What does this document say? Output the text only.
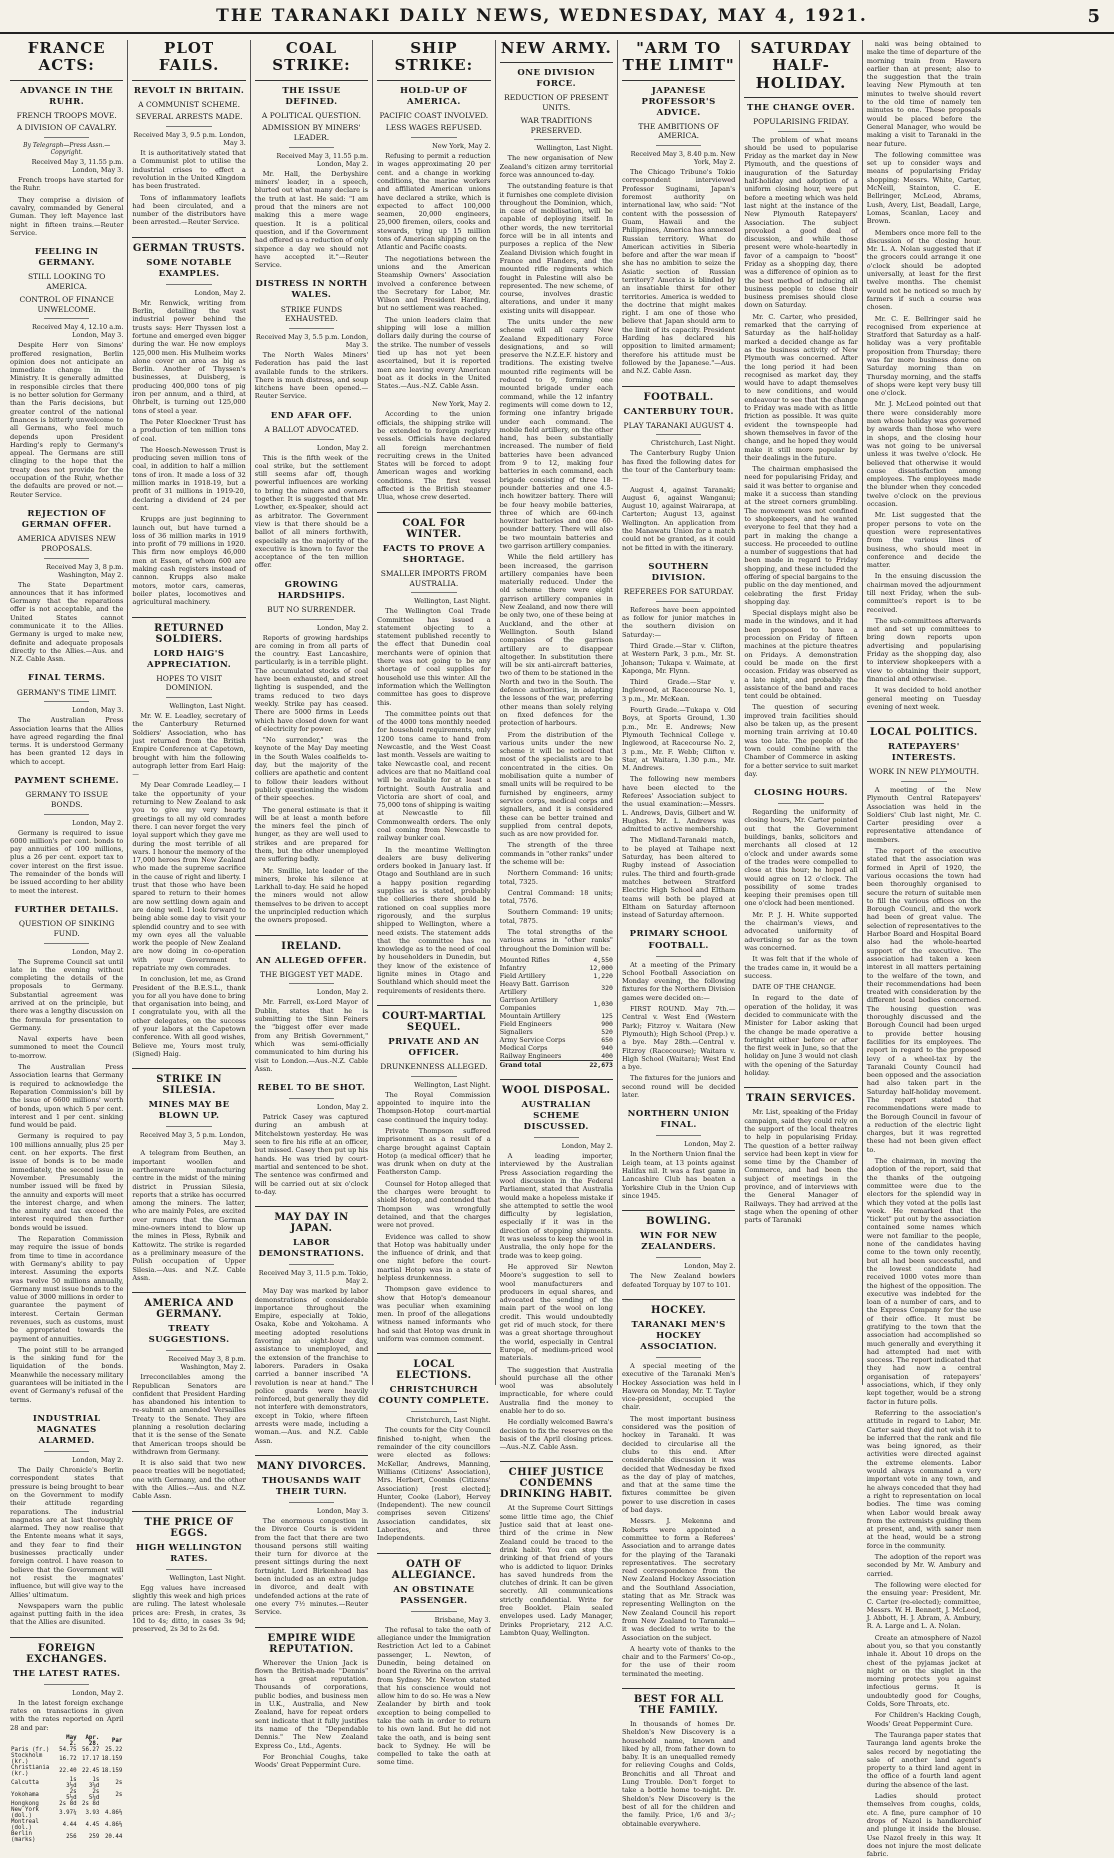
THE TARANAKI DAILY NEWS, WEDNESDAY, MAY 4, 1921.	5
FRANCE ACTS:
ADVANCE IN THE RUHR.
FRENCH TROOPS MOVE.
A DIVISION OF CAVALRY.
By Telegraph—Press Assn.—Copyright.
Received May 3, 11.55 p.m. London, May 3.

French troops have started for the Ruhr.

They comprise a division of cavalry, commanded by General Guman. They left Mayence last night in fifteen trains.—Reuter Service.

FEELING IN GERMANY.
STILL LOOKING TO AMERICA.
CONTROL OF FINANCE UNWELCOME.
Received May 4, 12.10 a.m. London, May 3.

Despite Herr von Simons' proffered resignation, Berlin opinion does not anticipate an immediate change in the Ministry. It is generally admitted in responsible circles that there is no better solution for Germany than the Paris decisions, but greater control of the national finances is bitterly unwelcome to all Germans, who feel much depends upon President Harding's reply to Germany's appeal. The Germans are still clinging to the hope that the treaty does not provide for the occupation of the Ruhr, whether the defaults are proved or not.—Reuter Service.

REJECTION OF GERMAN OFFER.
AMERICA ADVISES NEW PROPOSALS.
Received May 3, 8 p.m. Washington, May 2.

The State Department announces that it has informed Germany that the reparations offer is not acceptable, and the United States cannot communicate it to the Allies. Germany is urged to make new, definite and adequate proposals directly to the Allies.—Aus. and N.Z. Cable Assn.

FINAL TERMS.
GERMANY'S TIME LIMIT.
London, May 3.

The Australian Press Association learns that the Allies have agreed regarding the final terms. It is understood Germany has been granted 12 days in which to accept.

PAYMENT SCHEME.
GERMANY TO ISSUE BONDS.
London, May 2.

Germany is required to issue 6000 million's per cent. bonds to pay annuities of 100 millions, plus a 26 per cent. export tax to cover interest on the first issue. The remainder of the bonds will be issued according to her ability to meet the interest.

FURTHER DETAILS.
QUESTION OF SINKING FUND.
London, May 2.

The Supreme Council sat until late in the evening without completing the details of the proposals to Germany. Substantial agreement was arrived at on the principle, but there was a lengthy discussion on the formula for presentation to Germany.

Naval experts have been summoned to meet the Council to-morrow.

The Australian Press Association learns that Germany is required to acknowledge the Reparation Commission's bill by the issue of 6600 millions' worth of bonds, upon which 5 per cent. interest and 1 per cent. sinking fund would be paid.

Germany is required to pay 100 millions annually, plus 25 per cent. on her exports. The first issue of bonds is to be made immediately, the second issue in November. Presumably the number issued will be fixed by the annuity and exports will meet the interest charge, and when the annuity and tax exceed the interest required then further bonds would be issued.

The Reparation Commission may require the issue of bonds from time to time in accordance with Germany's ability to pay interest. Assuming the exports was twelve 50 millions annually, Germany must issue bonds to the value of 3000 millions in order to guarantee the payment of interest. Certain German revenues, such as customs, must be appropriated towards the payment of annuities.

The point still to be arranged is the sinking fund for the liquidation of the bonds. Meanwhile the necessary military guarantees will be initiated in the event of Germany's refusal of the terms.

INDUSTRIAL MAGNATES ALARMED.
London, May 2.

The Daily Chronicle's Berlin correspondent states that pressure is being brought to bear on the Government to modify their attitude regarding reparations. The industrial magnates are at last thoroughly alarmed. They now realise that the Entente means what it says, and they fear to find their businesses practically under foreign control. I have reason to believe that the Government will not resist the magnates' influence, but will give way to the Allies' ultimatum.

Newspapers warn the public against putting faith in the idea that the Allies are disunited.

FOREIGN EXCHANGES.
THE LATEST RATES.
London, May 2.

In the latest foreign exchange rates on transactions in given with the rates reported on April 28 and par:

	May 2.	Apr. 28.	Par
Paris (fr.)	54.75	56.27	25.22
Stockholm (kr.)	16.72	17.17	18.159
Christiania (kr.)	22.40	22.45	18.159
Calcutta	1s 3½d	1s 3⅝d	2s
Yokohama	2s 5½d	2s 5¼d	2s
Hongkong	2s 8d	2s 8d	
New York (dol.)	3.97¼	3.93	4.86⅔
Montreal (dol.)	4.44	4.45	4.86⅔
Berlin (marks)	256	259	20.44
PLOT FAILS.
REVOLT IN BRITAIN.
A COMMUNIST SCHEME.
SEVERAL ARRESTS MADE.
Received May 3, 9.5 p.m. London, May 3.

It is authoritatively stated that a Communist plot to utilise the industrial crises to effect a revolution in the United Kingdom has been frustrated.

Tons of inflammatory leaflets had been circulated, and a number of the distributors have been arrested.—Reuter Service.

GERMAN TRUSTS.
SOME NOTABLE EXAMPLES.
London, May 2.

Mr. Renwick, writing from Berlin, detailing the vast industrial power behind the trusts says: Herr Thyssen lost a fortune and emerged even bigger during the war. He now employs 125,000 men. His Mulheim works alone cover an area as big as Berlin. Another of Thyssen's businesses, at Duisberg, is producing 400,000 tons of pig iron per annum, and a third, at Ohrbelt, is turning out 125,000 tons of steel a year.

The Peter Kloeckner Trust has a production of ten million tons of coal.

The Hoesch-Newessen Trust is producing seven million tons of coal, in addition to half a million tons of iron. It made a loss of 32 million marks in 1918-19, but a profit of 31 millions in 1919-20, declaring a dividend of 24 per cent.

Krupps are just beginning to launch out, but have turned a loss of 36 million marks in 1919 into profit of 79 millions in 1920. This firm now employs 46,000 men at Essen, of whom 600 are making cash registers instead of cannon. Krupps also make motors, motor cars, cameras, boiler plates, locomotives and agricultural machinery.

RETURNED SOLDIERS.
LORD HAIG'S APPRECIATION.
HOPES TO VISIT DOMINION.
Wellington, Last Night.

Mr. W. E. Leadley, secretary of the Canterbury Returned Soldiers' Association, who has just returned from the British Empire Conference at Capetown, brought with him the following autograph letter from Earl Haig:—

My Dear Comrade Leadley,— I take the opportunity of your returning to New Zealand to ask you to give my very hearty greetings to all my old comrades there. I can never forget the very loyal support which they gave me during the most terrible of all wars. I honour the memory of the 17,000 heroes from New Zealand who made the supreme sacrifice in the cause of right and liberty. I trust that those who have been spared to return to their homes are now settling down again and are doing well. I look forward to being able some day to visit your splendid country and to see with my own eyes all the valuable work the people of New Zealand are now doing in co-operation with your Government to repatriate my own comrades.

In conclusion, let me, as Grand President of the B.E.S.L., thank you for all you have done to bring that organisation into being, and I congratulate you, with all the other delegates, on the success of your labors at the Capetown conference. With all good wishes, Believe me, Yours most truly, (Signed) Haig.

STRIKE IN SILESIA.
MINES MAY BE BLOWN UP.
Received May 3, 5 p.m. London, May 3.

A telegram from Beuthen, an important woollen and earthenware manufacturing centre in the midst of the mining district in Prussian Silesia, reports that a strike has occurred among the miners. The latter, who are mainly Poles, are excited over rumors that the German mine-owners intend to blow up the mines in Pless, Rybnik and Kattowitz. The strike is regarded as a preliminary measure of the Polish occupation of Upper Silesia.—Aus. and N.Z. Cable Assn.

AMERICA AND GERMANY.
TREATY SUGGESTIONS.
Received May 3, 8 p.m. Washington, May 2.

Irreconcilables among the Republican Senators are confident that President Harding has abandoned his intention to re-submit an amended Versailles Treaty to the Senate. They are planning a resolution declaring that it is the sense of the Senate that American troops should be withdrawn from Germany.

It is also said that two new peace treaties will be negotiated; one with Germany, and the other with the Allies.—Aus. and N.Z. Cable Assn.

THE PRICE OF EGGS.
HIGH WELLINGTON RATES.
Wellington, Last Night.

Egg values have increased slightly this week and high prices are ruling. The latest wholesale prices are: Fresh, in crates, 3s 10d to 4s; ditto, in cases 3s 9d; preserved, 2s 3d to 2s 6d.

COAL STRIKE:
THE ISSUE DEFINED.
A POLITICAL QUESTION.
ADMISSION BY MINERS' LEADER.
Received May 3, 11.55 p.m. London, May 2.

Mr. Hall, the Derbyshire miners' leader, in a speech, blurted out what many declare is the truth at last. He said: "I am proud that the miners are not making this a mere wage question. It is a political question, and if the Government had offered us a reduction of only sixpence a day we should not have accepted it."—Reuter Service.

DISTRESS IN NORTH WALES.
STRIKE FUNDS EXHAUSTED.
Received May 3, 5.5 p.m. London, May 3.

The North Wales Miners' Federation has paid the last available funds to the strikers. There is much distress, and soup kitchens have been opened.—Reuter Service.

END AFAR OFF.
A BALLOT ADVOCATED.
London, May 2.

This is the fifth week of the coal strike, but the settlement still seems afar off, though powerful influences are working to bring the miners and owners together. It is suggested that Mr. Lowther, ex-Speaker, should act as arbitrator. The Government view is that there should be a ballot of all miners forthwith, especially as the majority of the executive is known to favor the acceptance of the ten million offer.

GROWING HARDSHIPS.
BUT NO SURRENDER.
London, May 2.

Reports of growing hardships are coming in from all parts of the country. East Lancashire, particularly, is in a terrible plight. The accumulated stocks of coal have been exhausted, and street lighting is suspended, and the trams reduced to two days weekly. Strike pay has ceased. There are 5000 firms in Leeds which have closed down for want of electricity for power.

"No surrender," was the keynote of the May Day meeting in the South Wales coalfields to-day, but the majority of the colliers are apathetic and content to follow their leaders without publicly questioning the wisdom of their speeches.

The general estimate is that it will be at least a month before the miners feel the pinch of hunger, as they are well used to strikes and are prepared for them, but the other unemployed are suffering badly.

Mr. Smillie, late leader of the miners, broke his silence at Larkhall to-day. He said he hoped the miners would not allow themselves to be driven to accept the unprincipled reduction which the owners proposed.

IRELAND.
AN ALLEGED OFFER.
THE BIGGEST YET MADE.
London, May 2.

Mr. Farrell, ex-Lord Mayor of Dublin, states that he is submitting to the Sinn Feiners the "biggest offer ever made from any British Government," which was semi-officially communicated to him during his visit to London.—Aus.-N.Z. Cable Assn.

REBEL TO BE SHOT.
London, May 2.

Patrick Casey was captured during an ambush at Mitchelstown yesterday. He was seen to fire his rifle at an officer, but missed. Casey then put up his hands. He was tried by court-martial and sentenced to be shot. The sentence was confirmed and will be carried out at six o'clock to-day.

MAY DAY IN JAPAN.
LABOR DEMONSTRATIONS.
Received May 3, 11.5 p.m. Tokio, May 2.

May Day was marked by labor demonstrations of considerable importance throughout the Empire, especially at Tokio, Osaka, Kobe and Yokohama. A meeting adopted resolutions favoring an eight-hour day, assistance to unemployed, and the extension of the franchise to laborers. Paraders in Osaka carried a banner inscribed "A revolution is near at hand." The police guards were heavily reinforced, but generally they did not interfere with demonstrators, except in Tokio, where fifteen arrests were made, including a woman.—Aus. and N.Z. Cable Assn.

MANY DIVORCES.
THOUSANDS WAIT THEIR TURN.
London, May 3.

The enormous congestion in the Divorce Courts is evident from the fact that there are two thousand persons still waiting their turn for divorce at the present sittings during the next fortnight. Lord Birkenhead has been included as an extra judge in divorce, and dealt with undefended actions at the rate of one every 7½ minutes.—Reuter Service.

EMPIRE WIDE REPUTATION.

Wherever the Union Jack is flown the British-made "Dennis" has a great reputation. Thousands of corporations, public bodies, and business men in U.K., Australia, and New Zealand, have for repeat orders sent indicate that it fully justifies its name of the "Dependable Dennis." The New Zealand Express Co., Ltd., Agents.

For Bronchial Coughs, take Woods' Great Peppermint Cure.

SHIP STRIKE:
HOLD-UP OF AMERICA.
PACIFIC COAST INVOLVED.
LESS WAGES REFUSED.
New York, May 2.

Refusing to permit a reduction in wages approximating 20 per cent. and a change in working conditions, the marine workers and affiliated American unions have declared a strike, which is expected to affect 100,000 seamen, 20,000 engineers, 25,000 firemen, oilers, cooks and stewards, tying up 15 million tons of American shipping on the Atlantic and Pacific coasts.

The negotiations between the unions and the American Steamship Owners' Association involved a conference between the Secretary for Labor, Mr. Wilson and President Harding, but no settlement was reached.

The union leaders claim that shipping will lose a million dollars daily during the course of the strike. The number of vessels tied up has not yet been ascertained, but it is reported men are leaving every American boat as it docks in the United States.—Aus.-N.Z. Cable Assn.

New York, May 2.

According to the union officials, the shipping strike will be extended to foreign registry vessels. Officials have declared all foreign merchantmen recruiting crews in the United States will be forced to adopt American wages and working conditions. The first vessel affected is the British steamer Ulua, whose crew deserted.

COAL FOR WINTER.
FACTS TO PROVE A SHORTAGE.
SMALLER IMPORTS FROM AUSTRALIA.
Wellington, Last Night.

The Wellington Coal Trade Committee has issued a statement objecting to a statement published recently to the effect that Dunedin coal merchants were of opinion that there was not going to be any shortage of coal supplies for household use this winter. All the information which the Wellington committee has goes to disprove this.

The committee points out that of the 4000 tons monthly needed for household requirements, only 1200 tons came to hand from Newcastle, and the West Coast last month. Vessels are waiting to take Newcastle coal, and recent advices are that no Maitland coal will be available for at least a fortnight. South Australia and Victoria are short of coal, and 75,000 tons of shipping is waiting at Newcastle to fill Commonwealth orders. The only coal coming from Newcastle to railway bunker coal.

In the meantime Wellington dealers are busy delivering orders booked in January last. If Otago and Southland are in such a happy position regarding supplies as is stated, probably the collieries there should be rationed on coal supplies more rigorously, and the surplus shipped to Wellington, where a need exists. The statement adds that the committee has no knowledge as to the need of coal by householders in Dunedin, but they know of the existence of lignite mines in Otago and Southland which should meet the requirements of residents there.

COURT-MARTIAL SEQUEL.
PRIVATE AND AN OFFICER.
DRUNKENNESS ALLEGED.
Wellington, Last Night.

The Royal Commission appointed to inquire into the Thompson-Hotop court-martial case continued the inquiry today.

Private Thompson suffered imprisonment as a result of a charge brought against Captain Hotop (a medical officer) that he was drunk when on duty at the Featherston Camp.

Counsel for Hotop alleged that the charges were brought to shield Hotop, and contended that Thompson was wrongfully detained, and that the charges were not proved.

Evidence was called to show that Hotop was habitually under the influence of drink, and that one night before the court-martial Hotop was in a state of helpless drunkenness.

Thompson gave evidence to show that Hotop's demeanour was peculiar when examining men. In proof of the allegations witness named informants who had said that Hotop was drunk in uniform was common comment.

LOCAL ELECTIONS.
CHRISTCHURCH COUNTY COMPLETE.
Christchurch, Last Night.

The counts for the City Council finished to-night, when the remainder of the city councillors were elected as follows: McKellar, Andrews, Manning, Williams (Citizens' Association), Mrs. Herbert, Coombs (Citizens' Association) [rest elected]; Hunter, Cooke (Labor), Hervey (Independent). The new council comprises seven Citizens' Association candidates, six Laborites, and three Independents.

OATH OF ALLEGIANCE.
AN OBSTINATE PASSENGER.
Brisbane, May 3.

The refusal to take the oath of allegiance under the Immigration Restriction Act led to a Cabinet passenger, L. Newton, of Dunedin, being detained on board the Riverina on the arrival from Sydney. Mr. Newton stated that his conscience would not allow him to do so. He was a New Zealander by birth and took exception to being compelled to take the oath in order to return to his own land. But he did not take the oath, and is being sent back to Sydney. He will be compelled to take the oath at some time.

NEW ARMY.
ONE DIVISION FORCE.
REDUCTION OF PRESENT UNITS.
WAR TRADITIONS PRESERVED.
Wellington, Last Night.

The new organisation of New Zealand's citizen army territorial force was announced to-day.

The outstanding feature is that it furnishes one complete division throughout the Dominion, which, in case of mobilisation, will be capable of deploying itself. In other words, the new territorial force will be in all intents and purposes a replica of the New Zealand Division which fought in France and Flanders, and the mounted rifle regiments which fought in Palestine will also be represented. The new scheme, of course, involves drastic alterations, and under it many existing units will disappear.

The units under the new scheme will all carry New Zealand Expeditionary Force designations, and so will preserve the N.Z.E.F. history and traditions. The existing twelve mounted rifle regiments will be reduced to 9, forming one mounted brigade under each command, while the 12 infantry regiments will come down to 12, forming one infantry brigade under each command. The mobile field artillery, on the other hand, has been substantially increased. The number of field batteries have been advanced from 9 to 12, making four batteries in each command, each brigade consisting of three 18-pounder batteries and one 4.5-inch howitzer battery. There will be four heavy mobile batteries, three of which are 60-inch howitzer batteries and one 60-pounder battery. There will also be two mountain batteries and two garrison artillery companies.

While the field artillery has been increased, the garrison artillery companies have been materially reduced. Under the old scheme there were eight garrison artillery companies in New Zealand, and now there will be only two, one of these being at Auckland, and the other at Wellington. South Island companies of the garrison artillery are to disappear altogether. In substitution there will be six anti-aircraft batteries, two of them to be stationed in the North and two in the South. The defence authorities, in adapting the lessons of the war, preferring other means than solely relying on fixed defences for the protection of harbours.

From the distribution of the various units under the new scheme it will be noticed that most of the specialists are to be concentrated in the cities. On mobilisation quite a number of small units will be required to be furnished by engineers, army service corps, medical corps and signallers, and it is considered these can be better trained and supplied from central depots, such as are now provided for.

The strength of the three commands in "other ranks" under the scheme will be:

Northern Command: 16 units; total, 7325.

Central Command: 18 units; total, 7576.

Southern Command: 19 units; total, 7875.

The total strengths of the various arms in "other ranks" throughout the Dominion will be:

Mounted Rifles	4,550
Infantry	12,000
Field Artillery	1,220
Heavy Batt. Garrison Artillery	320
Garrison Artillery Companies	1,030
Mountain Artillery	125
Field Engineers	900
Signallers	520
Army Service Corps	650
Medical Corps	940
Railway Engineers	400
Grand total	22,673
WOOL DISPOSAL.
AUSTRALIAN SCHEME DISCUSSED.
London, May 2.

A leading importer, interviewed by the Australian Press Association regarding the wool discussion in the Federal Parliament, stated that Australia would make a hopeless mistake if she attempted to settle the wool difficulty by legislation, especially if it was in the direction of stopping shipments. It was useless to keep the wool in Australia, the only hope for the trade was to keep going.

He approved Sir Newton Moore's suggestion to sell to wool manufacturers and producers in equal shares, and advocated the sending of the main part of the wool on long credit. This would undoubtedly get rid of much stock, for there was a great shortage throughout the world, especially in Central Europe, of medium-priced wool materials.

The suggestion that Australia should purchase all the other wool was absolutely impracticable, for where could Australia find the money to enable her to do so.

He cordially welcomed Bawra's decision to fix the reserves on the basis of the April closing prices.—Aus.-N.Z. Cable Assn.

CHIEF JUSTICE CONDEMNS DRINKING HABIT.

At the Supreme Court Sittings some little time ago, the Chief Justice said that at least one-third of the crime in New Zealand could be traced to the drink habit. You can stop the drinking of that friend of yours who is addicted to liquor. Drinks has saved hundreds from the clutches of drink. It can be given secretly. All communications strictly confidential. Write for free Booklet. Plain sealed envelopes used. Lady Manager, Drinks Proprietary, 212 A.C. Lambton Quay, Wellington.

"ARM TO THE LIMIT"
JAPANESE PROFESSOR'S ADVICE.
THE AMBITIONS OF AMERICA.
Received May 3, 8.40 p.m. New York, May 2.

The Chicago Tribune's Tokio correspondent interviewed Professor Suginami, Japan's foremost authority on international law, who said: "Not content with the possession of Guam, Hawaii and the Philippines, America has annexed Russian territory. What do American activities in Siberia before and after the war mean if she has no ambition to seize the Asiatic section of Russian territory? America is blinded by an insatiable thirst for other territories. America is wedded to the doctrine that might makes right. I am one of those who believe that Japan should arm to the limit of its capacity. President Harding has declared his opposition to limited armament; therefore his attitude must be followed by the Japanese."—Aus. and N.Z. Cable Assn.

FOOTBALL.
CANTERBURY TOUR.
PLAY TARANAKI AUGUST 4.
Christchurch, Last Night.

The Canterbury Rugby Union has fixed the following dates for the tour of the Canterbury team:—

August 4, against Taranaki; August 6, against Wanganui; August 10, against Wairarapa, at Carterton; August 13, against Wellington. An application from the Manawatu Union for a match could not be granted, as it could not be fitted in with the itinerary.

SOUTHERN DIVISION.
REFEREES FOR SATURDAY.

Referees have been appointed as follow for junior matches in the southern division on Saturday:—

Third Grade.—Star v. Clifton, at Western Park, 3 p.m., Mr. St. Johanson; Tukapa v. Waimate, at Kaponga, Mr. Flynn.

Third Grade.—Star v. Inglewood, at Racecourse No. 1, 3 p.m., Mr. McKean.

Fourth Grade.—Tukapa v. Old Boys, at Sports Ground, 1.30 p.m., Mr. E. Andrews; New Plymouth Technical College v. Inglewood, at Racecourse No. 2, 3 p.m., Mr. F. Webb; Clifton v. Star, at Waitara, 1.30 p.m., Mr. M. Andrews.

The following new members have been elected to the Referees' Association subject to the usual examination:—Messrs. L. Andrews, Davis, Gilbert and W. Hughes. Mr. L. Andrews was admitted to active membership.

The Midland-Taranaki match, to be played at Taihape next Saturday, has been altered to Rugby instead of Association rules. The third and fourth-grade matches between Stratford Electric High School and Eltham teams will both be played at Eltham on Saturday afternoon instead of Saturday afternoon.

PRIMARY SCHOOL FOOTBALL.

At a meeting of the Primary School Football Association on Monday evening, the following fixtures for the Northern Division games were decided on:—

FIRST ROUND. May 7th.—Central v. West End (Western Park); Fitzroy v. Waitara (New Plymouth); High School (Prep.) v. a bye. May 28th.—Central v. Fitzroy (Racecourse); Waitara v. High School (Waitara); West End a bye.

The fixtures for the juniors and second round will be decided later.

NORTHERN UNION FINAL.
London, May 2.

In the Northern Union final the Leigh team, at 13 points against Halifax nil. It was a fast game in Lancashire Club has beaten a Yorkshire Club in the Union Cup since 1945.

BOWLING.
WIN FOR NEW ZEALANDERS.
London, May 2.

The New Zealand bowlers defeated Torquay by 107 to 101.

HOCKEY.
TARANAKI MEN'S HOCKEY ASSOCIATION.

A special meeting of the executive of the Taranaki Men's Hockey Association was held in Hawera on Monday, Mr. T. Taylor vice-president, occupied the chair.

The most important business considered was the position of hockey in Taranaki. It was decided to circularise all the clubs to this end. After considerable discussion it was decided that Wednesday be fixed as the day of play of matches, and that at the same time the fixtures committee be given power to use discretion in cases of bad days.

Messrs. J. Mekenna and Roberts were appointed a committee to form a Referees' Association and to arrange dates for the playing of the Taranaki representatives. The secretary read correspondence from the New Zealand Hockey Association and the Southland Association, stating that as Mr. Strack was representing Wellington on the New Zealand Council his report from New Zealand to Taranaki—it was decided to write to the Association on the subject.

A hearty vote of thanks to the chair and to the Farmers' Co-op., for the use of their room terminated the meeting.

BEST FOR ALL THE FAMILY.

In thousands of homes Dr. Sheldon's New Discovery is a household name, known and liked by all, from father down to baby. It is an unequalled remedy for relieving Coughs and Colds, Bronchitis and all Throat and Lung Trouble. Don't forget to take a bottle home to-night. Dr. Sheldon's New Discovery is the best of all for the children and the family. Price, 1/6 and 3/-; obtainable everywhere.

SATURDAY HALF-HOLIDAY.
THE CHANGE OVER.
POPULARISING FRIDAY.

The problem of what means should be used to popularise Friday as the market day in New Plymouth, and the questions of inauguration of the Saturday half-holiday and adoption of a uniform closing hour, were put before a meeting which was held last night at the instance of the New Plymouth Ratepayers' Association. The subject provoked a good deal of discussion, and while those present were whole-heartedly in favor of a campaign to "boost" Friday as a shopping day, there was a difference of opinion as to the best method of inducing all business people to close their business premises should close down on Saturday.

Mr. C. Carter, who presided, remarked that the carrying of Saturday as the half-holiday marked a decided change as far as the business activity of New Plymouth was concerned. After the long period it had been recognised as market day, they would have to adapt themselves to new conditions, and would endeavour to see that the change to Friday was made with as little friction as possible. It was quite evident the townspeople had shown themselves in favor of the change, and he hoped they would make it still more popular by their dealings in the future.

The chairman emphasised the need for popularising Friday, and said it was better to organise and make it a success than standing at the street corners grumbling. The movement was not confined to shopkeepers, and he wanted everyone to feel that they had a part in making the change a success. He proceeded to outline a number of suggestions that had been made in regard to Friday shopping, and these included the offering of special bargains to the public on the day mentioned, and celebrating the first Friday shopping day.

Special displays might also be made in the windows, and it had been proposed to have a procession on Friday of fifteen machines at the picture theatres on Fridays. A demonstration could be made on the first occasion. Friday was observed as a late night, and probably the assistance of the band and races tent could be obtained.

The question of securing improved train facilities should also be taken up, as the present morning train arriving at 10.40 was too late. The people of the town could combine with the Chamber of Commerce in asking for a better service to suit market day.

CLOSING HOURS.

Regarding the uniformity of closing hours, Mr. Carter pointed out that the Government buildings, banks, solicitors and merchants all closed at 12 o'clock and under awards some of the trades were compelled to close at this hour; he hoped all would agree on 12 o'clock. The possibility of some trades keeping their premises open till one o'clock had been mentioned.

Mr. P. J. H. White supported the chairman's views, and advocated uniformity of advertising so far as the town was concerned.

It was felt that if the whole of the trades came in, it would be a success.

DATE OF THE CHANGE.

In regard to the date of operation of the holiday, it was decided to communicate with the Minister for Labor asking that the change be made operative a fortnight either before or after the first week in June, so that the holiday on June 3 would not clash with the opening of the Saturday holiday.

TRAIN SERVICES.

Mr. List, speaking of the Friday campaign, said they could rely on the support of the local theatres to help in popularising Friday. The question of a better railway service had been kept in view for some time by the Chamber of Commerce, and had been the subject of meetings in the province, and of interviews with the General Manager of Railways. They had arrived at the stage when the opening of other parts of Taranaki

naki was being obtained to make the time of departure of the morning train from Hawera earlier than at present; also to the suggestion that the train leaving New Plymouth at ten minutes to twelve should revert to the old time of namely ten minutes to one. These proposals would be placed before the General Manager, who would be making a visit to Taranaki in the near future.

The following committee was set up to consider ways and means of popularising Friday shopping: Messrs. White, Carter, McNeill, Stainton, C. E. Bellringer, McLeod, Abrams, Lush, Avery, List, Beadall, Large, Lomas, Scanlan, Lacey and Brown.

Members once more fell to the discussion of the closing hour. Mr. L. A. Nolan suggested that if the grocers could arrange it one o'clock should be adopted universally, at least for the first twelve months. The chemist would not be noticed so much by farmers if such a course was chosen.

Mr. C. E. Bellringer said he recognised from experience at Stratford that Saturday as a half-holiday was a very profitable proposition from Thursday; there was far more business done on Saturday morning than on Thursday morning, and the staffs of shops were kept very busy till one o'clock.

Mr. J. McLeod pointed out that there were considerably more men whose holiday was governed by awards than those who were in shops, and the closing hour was not going to be universal unless it was twelve o'clock. He believed that otherwise it would cause dissatisfaction among employees. The employees made the blunder when they conceded twelve o'clock on the previous occasion.

Mr. List suggested that the proper persons to vote on the question were representatives from the various lines of business, who should meet in conference and decide the matter.

In the ensuing discussion the chairman moved the adjournment till next Friday, when the sub-committee's report is to be received.

The sub-committees afterwards met and set up committees to bring down reports upon advertising and popularising Friday as the shopping day, also to interview shopkeepers with a view to obtaining their support, financial and otherwise.

It was decided to hold another general meeting on Tuesday evening of next week.

LOCAL POLITICS.
RATEPAYERS' INTERESTS.
WORK IN NEW PLYMOUTH.

A meeting of the New Plymouth Central Ratepayers' Association was held in the Soldiers' Club last night, Mr. C. Carter presiding over a representative attendance of members.

The report of the executive stated that the association was formed in April of 1920, the various occasions the town had been thoroughly organised to secure the return of suitable men to fill the various offices on the Borough Council, and the work had been of great value. The selection of representatives to the Harbor Board and Hospital Board also had the whole-hearted support of the executive. The association had taken a keen interest in all matters pertaining to the welfare of the town, and their recommendations had been treated with consideration by the different local bodies concerned. The housing question was thoroughly discussed and the Borough Council had been urged to provide better housing facilities for its employees. The report in regard to the proposed levy of a wheel-tax by the Taranaki County Council had been opposed and the association had also taken part in the Saturday half-holiday movement. The report stated that recommendations were made to the Borough Council in favour of a reduction of the electric light charges, but it was regretted these had not been given effect to.

The chairman, in moving the adoption of the report, said that the thanks of the outgoing committee were due to the electors for the splendid way in which they voted at the polls last week. He remarked that the "ticket" put out by the association contained some names which were not familiar to the people, none of the candidates having come to the town only recently, but all had been successful, and the lowest candidate had received 1000 votes more than the highest of the opposition. The executive was indebted for the loan of a number of cars, and to the Express Company for the use of their office. It must be gratifying to the town that the association had accomplished so much generally and everything it had attempted had met with success. The report indicated that they had now a central organisation of ratepayers' associations, which, if they only kept together, would be a strong factor in future polls.

Referring to the association's attitude in regard to Labor, Mr. Carter said they did not wish it to be inferred that the rank and file was being ignored, as their activities were directed against the extreme elements. Labor would always command a very important vote in any town, and he always conceded that they had a right to representation on local bodies. The time was coming when Labor would break away from the extremists guiding them at present, and, with saner men at the head, would be a strong force in the community.

The adoption of the report was seconded by Mr. W. Ambury and carried.

The following were elected for the ensuing year: President, Mr. C. Carter (re-elected); committee, Messrs. W. H. Bennett, J. McLeod, J. Abbott, H. J. Abram, A. Ambury, R. A. Large and L. A. Nolan.

Create an atmosphere of Nazol about you, so that you constantly inhale it. About 10 drops on the chest of the pyjamas jacket at night or on the singlet in the morning protects you against infectious germs. It is undoubtedly good for Coughs, Colds, Sore Throats, etc.

For Children's Hacking Cough, Woods' Great Peppermint Cure.

The Tauranga paper states that Tauranga land agents broke the sales record by negotiating the sale of another land agent's property to a third land agent in the office of a fourth land agent during the absence of the last.

Ladies should protect themselves from coughs, colds, etc. A fine, pure camphor of 10 drops of Nazol is handkerchief and plunge it inside the blouse. Use Nazol freely in this way. It does not injure the most delicate fabric.
